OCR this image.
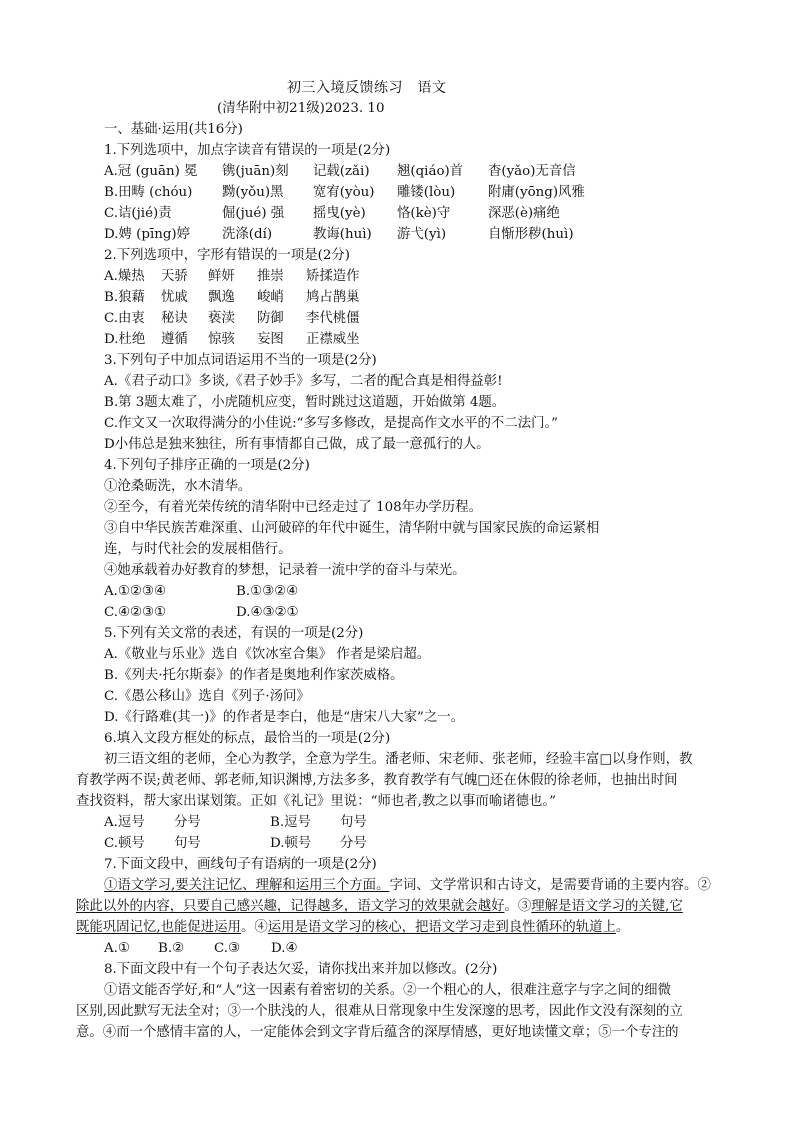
初三入境反馈练习　语文
(清华附中初21级)2023. 10
一、基础·运用(共16分)
1.下列选项中，加点字读音有错误的一项是(2分)
A.冠 (guān) 冕 镌(juān)刻 记载(zǎi) 翘(qiáo)首 杳(yǎo)无音信
B.田畴 (chóu) 黝(yǒu)黑 宽宥(yòu) 雕镂(lòu) 附庸(yōng)风雅
C.诘(jié)责	倔(jué) 强 摇曳(yè) 恪(kè)守	深恶(è)痛绝
D.娉 (pīng)婷 洗涤(dí)	教诲(huì) 游弋(yì)	自惭形秽(huì)
2.下列选项中，字形有错误的一项是(2分)
A.燥热 天骄 鲜妍 推崇 矫揉造作
B.狼藉 忧戚 飘逸 峻峭 鸠占鹊巢
C.由衷 秘诀 亵渎 防御 李代桃僵
D.杜绝 遵循 惊骇 妄图 正襟威坐
3.下列句子中加点词语运用不当的一项是(2分)
A.《君子动口》多谈,《君子妙手》多写，二者的配合真是相得益彰!
B.第 3题太难了，小虎随机应变，暂时跳过这道题，开始做第 4题。
C.作文又一次取得满分的小佳说:“多写多修改，是提高作文水平的不二法门。”
D小伟总是独来独往，所有事情都自己做，成了最一意孤行的人。
4.下列句子排序正确的一项是(2分)
①沧桑砺洗，水木清华。
②至今，有着光荣传统的清华附中已经走过了 108年办学历程。
③自中华民族苦难深重、山河破碎的年代中诞生，清华附中就与国家民族的命运紧相
连，与时代社会的发展相偕行。
④她承载着办好教育的梦想，记录着一流中学的奋斗与荣光。
A.①②③④	B.①③②④
C.④②③①	D.④③②①
5.下列有关文常的表述，有误的一项是(2分)
A.《敬业与乐业》选自《饮冰室合集》 作者是梁启超。
B.《列夫·托尔斯泰》的作者是奥地利作家茨威格。
C.《愚公移山》选自《列子·汤问》
D.《行路难(其一)》的作者是李白，他是“唐宋八大家”之一。
6.填入文段方框处的标点，最恰当的一项是(2分)
初三语文组的老师，全心为教学，全意为学生。潘老师、宋老师、张老师，经验丰富□以身作则，教
育教学两不误;黄老师、郭老师,知识渊博,方法多多，教育教学有气魄□还在休假的徐老师，也抽出时间
查找资料，帮大家出谋划策。正如《礼记》里说：“师也者,教之以事而喻诸德也。”
A.逗号 分号	B.逗号 句号
C.顿号 句号	D.顿号 分号
7.下面文段中，画线句子有语病的一项是(2分)
①语文学习,要关注记忆、理解和运用三个方面。字词、文学常识和古诗文，是需要背诵的主要内容。②
除此以外的内容，只要自己感兴趣，记得越多，语文学习的效果就会越好。③理解是语文学习的关键,它
既能巩固记忆,也能促进运用。④运用是语文学习的核心，把语文学习走到良性循环的轨道上。
A.① B.② C.③ D.④
8.下面文段中有一个句子表达欠妥，请你找出来并加以修改。(2分)
①语文能否学好,和“人”这一因素有着密切的关系。②一个粗心的人，很难注意字与字之间的细微
区别,因此默写无法全对；③一个肤浅的人，很难从日常现象中生发深邃的思考，因此作文没有深刻的立
意。④而一个感情丰富的人，一定能体会到文字背后蕴含的深厚情感，更好地读懂文章；⑤一个专注的
